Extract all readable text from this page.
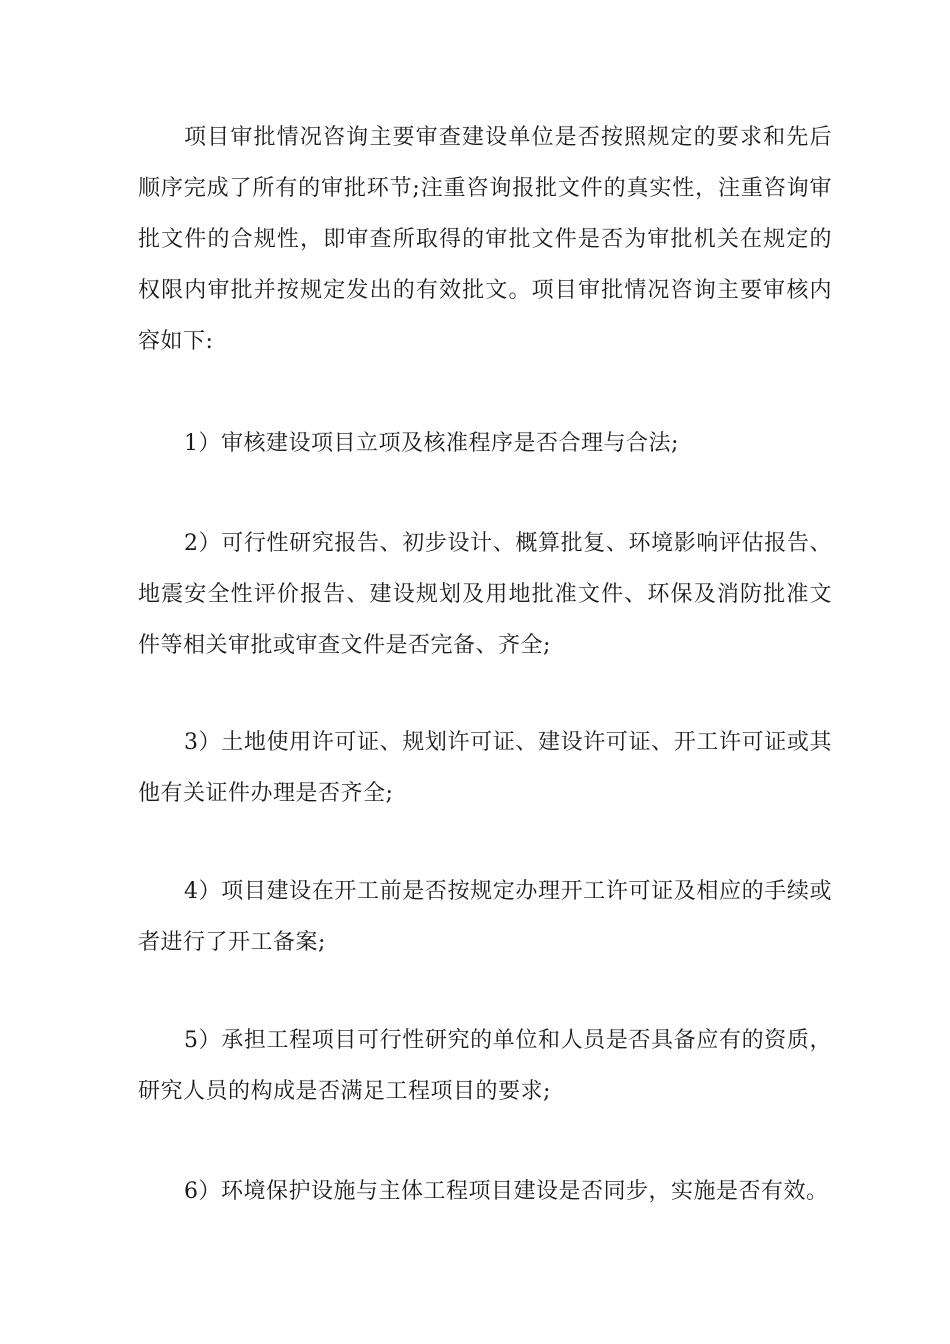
项目审批情况咨询主要审查建设单位是否按照规定的要求和先后顺序完成了所有的审批环节;注重咨询报批文件的真实性，注重咨询审批文件的合规性，即审查所取得的审批文件是否为审批机关在规定的权限内审批并按规定发出的有效批文。项目审批情况咨询主要审核内容如下:

1）审核建设项目立项及核准程序是否合理与合法;

2）可行性研究报告、初步设计、概算批复、环境影响评估报告、地震安全性评价报告、建设规划及用地批准文件、环保及消防批准文件等相关审批或审查文件是否完备、齐全;

3）土地使用许可证、规划许可证、建设许可证、开工许可证或其他有关证件办理是否齐全;

4）项目建设在开工前是否按规定办理开工许可证及相应的手续或者进行了开工备案;

5）承担工程项目可行性研究的单位和人员是否具备应有的资质，研究人员的构成是否满足工程项目的要求;

6）环境保护设施与主体工程项目建设是否同步，实施是否有效。
